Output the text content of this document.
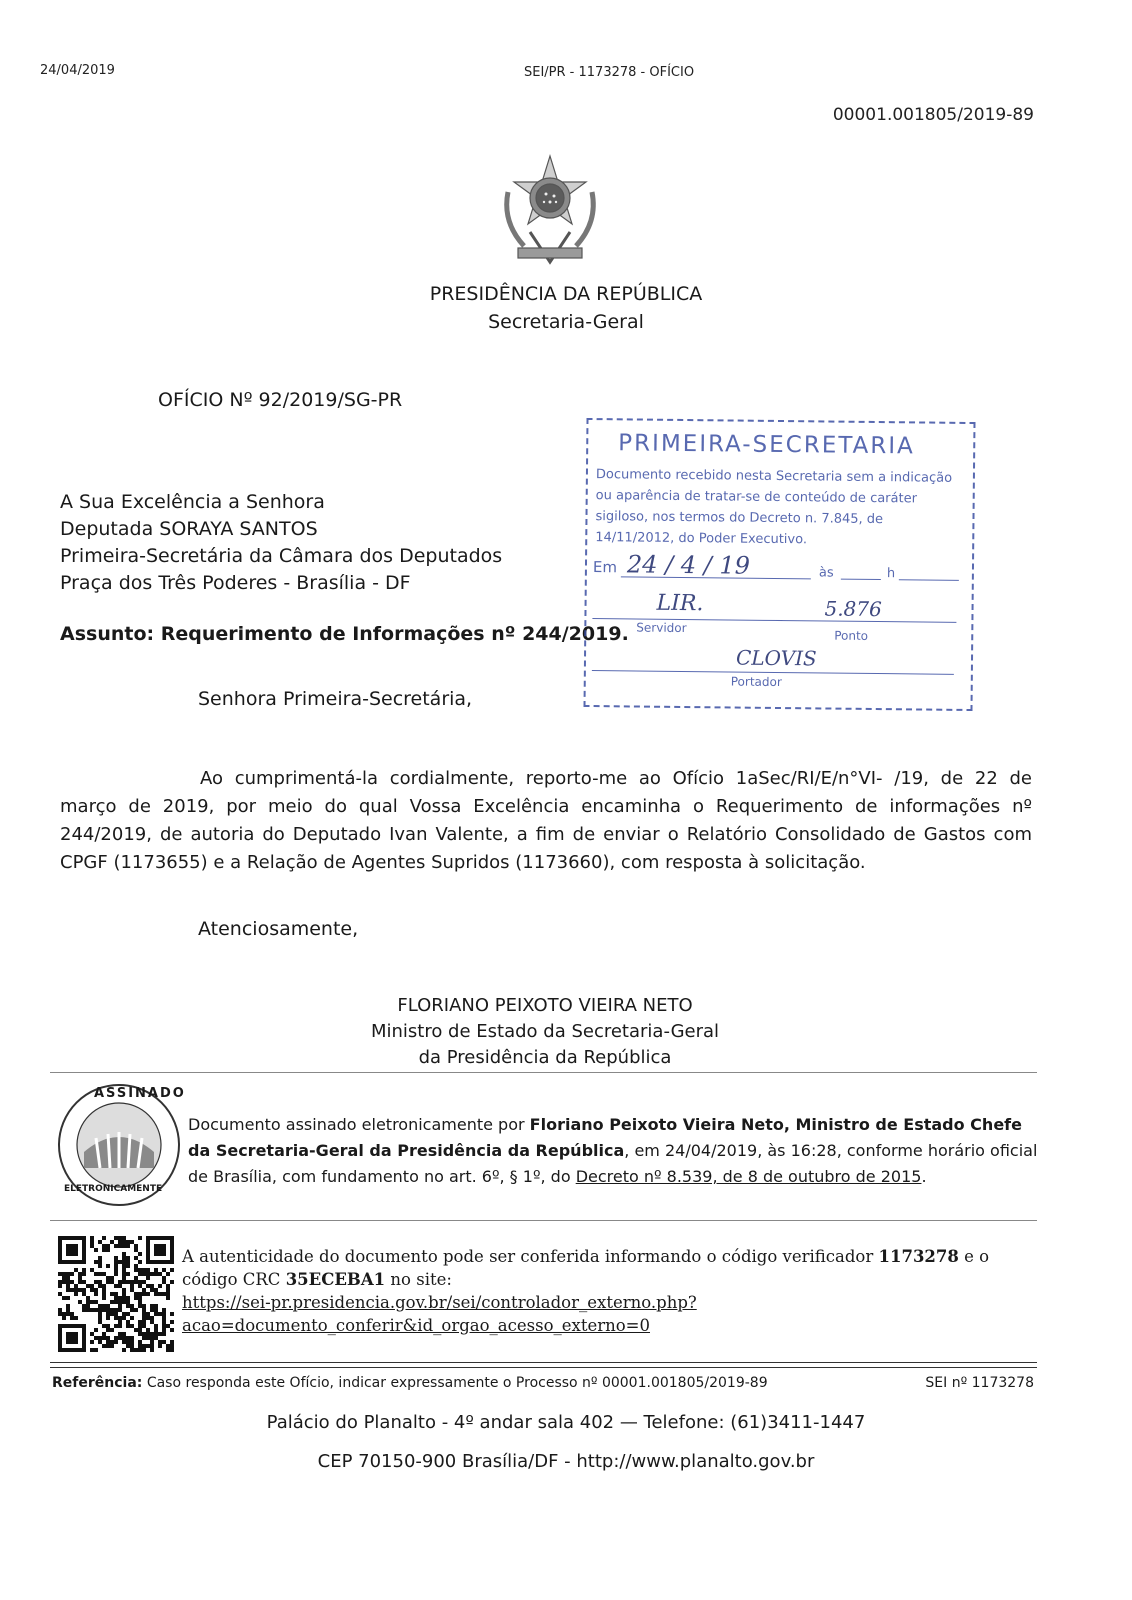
24/04/2019	SEI/PR - 1173278 - OFÍCIO
00001.001805/2019-89
PRESIDÊNCIA DA REPÚBLICA
Secretaria-Geral
OFÍCIO Nº 92/2019/SG-PR
A Sua Excelência a Senhora
Deputada SORAYA SANTOS
Primeira-Secretária da Câmara dos Deputados
Praça dos Três Poderes - Brasília - DF
Assunto: Requerimento de Informações nº 244/2019.
PRIMEIRA-SECRETARIA
Documento recebido nesta Secretaria sem a indicação ou aparência de tratar-se de conteúdo de caráter sigiloso, nos termos do Decreto n. 7.845, de 14/11/2012, do Poder Executivo.
Em	às	h
24 / 4 / 19
LIR.	5.876
Servidor
Ponto
CLOVIS
Portador
Senhora Primeira-Secretária,
Ao cumprimentá-la cordialmente, reporto-me ao Ofício 1aSec/RI/E/n°VI- /19, de 22 de março de 2019, por meio do qual Vossa Excelência encaminha o Requerimento de informações nº 244/2019, de autoria do Deputado Ivan Valente, a fim de enviar o Relatório Consolidado de Gastos com CPGF (1173655) e a Relação de Agentes Supridos (1173660), com resposta à solicitação.
Atenciosamente,
FLORIANO PEIXOTO VIEIRA NETO
Ministro de Estado da Secretaria-Geral
da Presidência da República
ASSINADO
ELETRONICAMENTE
Documento assinado eletronicamente por Floriano Peixoto Vieira Neto, Ministro de Estado Chefe da Secretaria-Geral da Presidência da República, em 24/04/2019, às 16:28, conforme horário oficial de Brasília, com fundamento no art. 6º, § 1º, do Decreto nº 8.539, de 8 de outubro de 2015.
A autenticidade do documento pode ser conferida informando o código verificador 1173278 e o código CRC 35ECEBA1 no site:
https://sei-pr.presidencia.gov.br/sei/controlador_externo.php?
acao=documento_conferir&id_orgao_acesso_externo=0
Referência: Caso responda este Ofício, indicar expressamente o Processo nº 00001.001805/2019-89	SEI nº 1173278
Palácio do Planalto - 4º andar sala 402 — Telefone: (61)3411-1447
CEP 70150-900 Brasília/DF - http://www.planalto.gov.br
